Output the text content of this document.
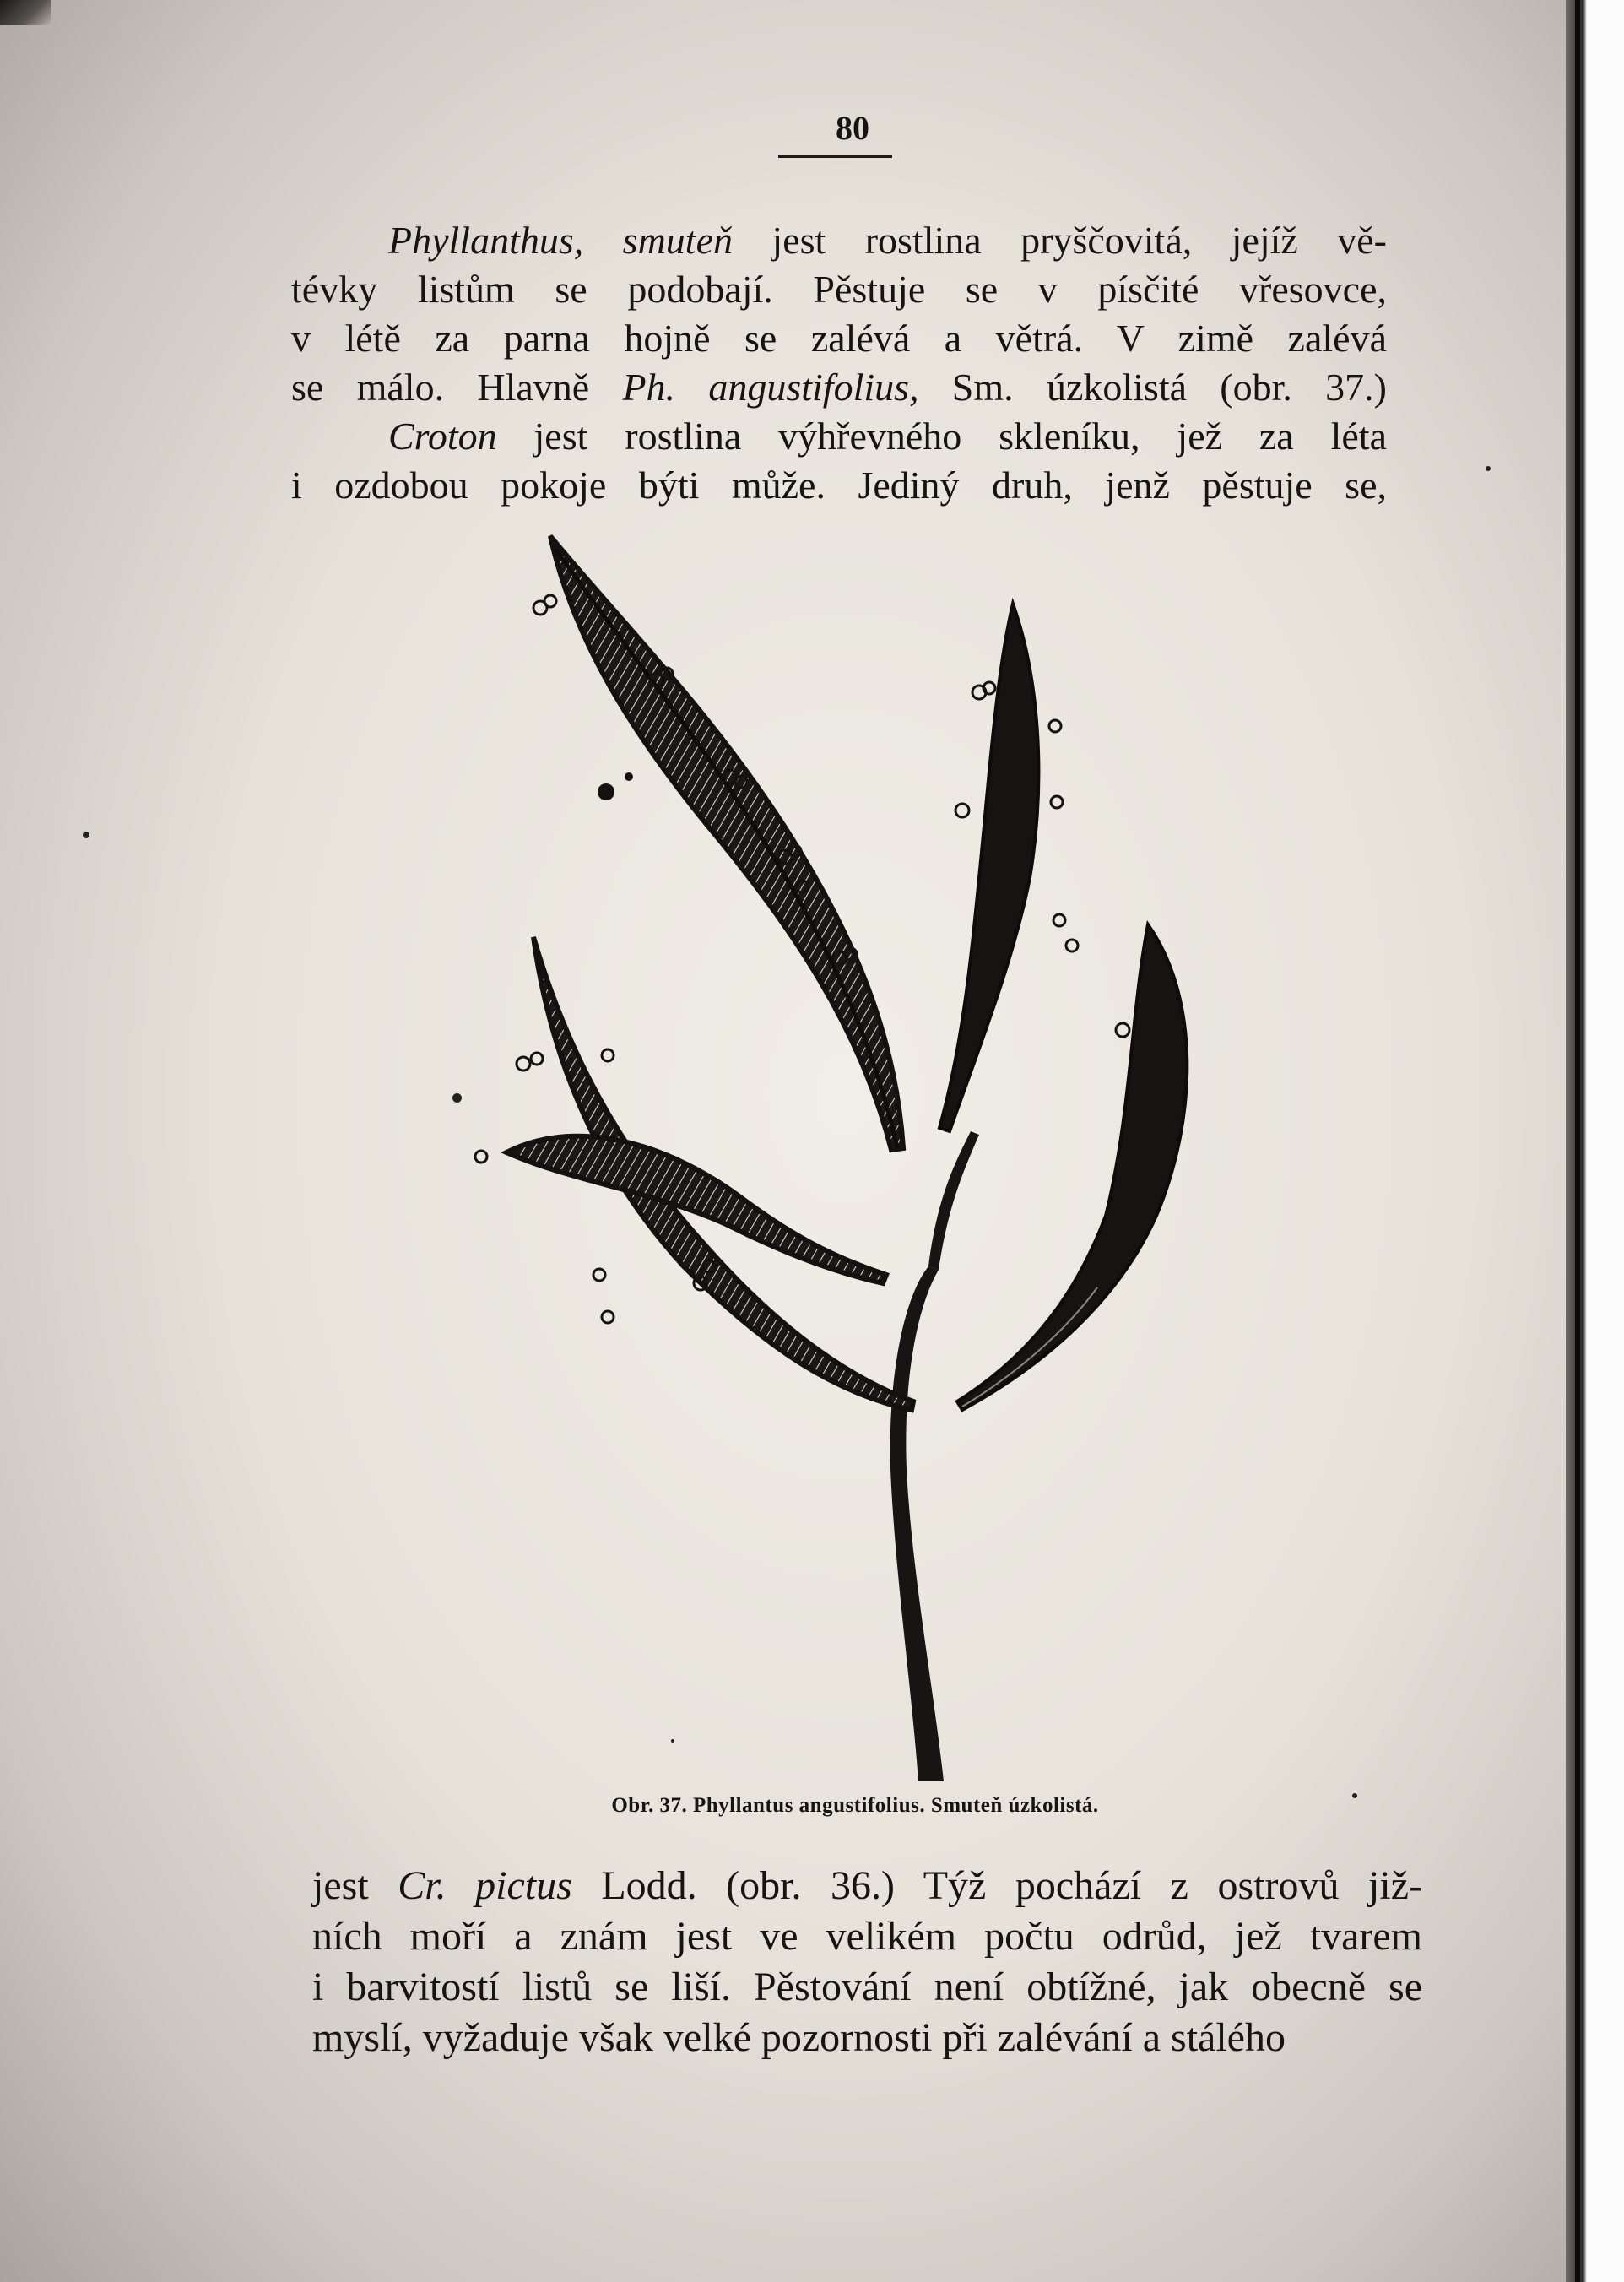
80
Phyllanthus, smuteň jest rostlina pryščovitá, jejíž vě-
tévky listům se podobají. Pěstuje se v písčité vřesovce,
v létě za parna hojně se zalévá a větrá. V zimě zalévá
se málo. Hlavně Ph. angustifolius, Sm. úzkolistá (obr. 37.)
Croton jest rostlina výhřevného skleníku, jež za léta
i ozdobou pokoje býti může. Jediný druh, jenž pěstuje se,
Obr. 37. Phyllantus angustifolius. Smuteň úzkolistá.
jest Cr. pictus Lodd. (obr. 36.) Týž pochází z ostrovů již-
ních moří a znám jest ve velikém počtu odrůd, jež tvarem
i barvitostí listů se liší. Pěstování není obtížné, jak obecně se
myslí, vyžaduje však velké pozornosti při zalévání a stálého
